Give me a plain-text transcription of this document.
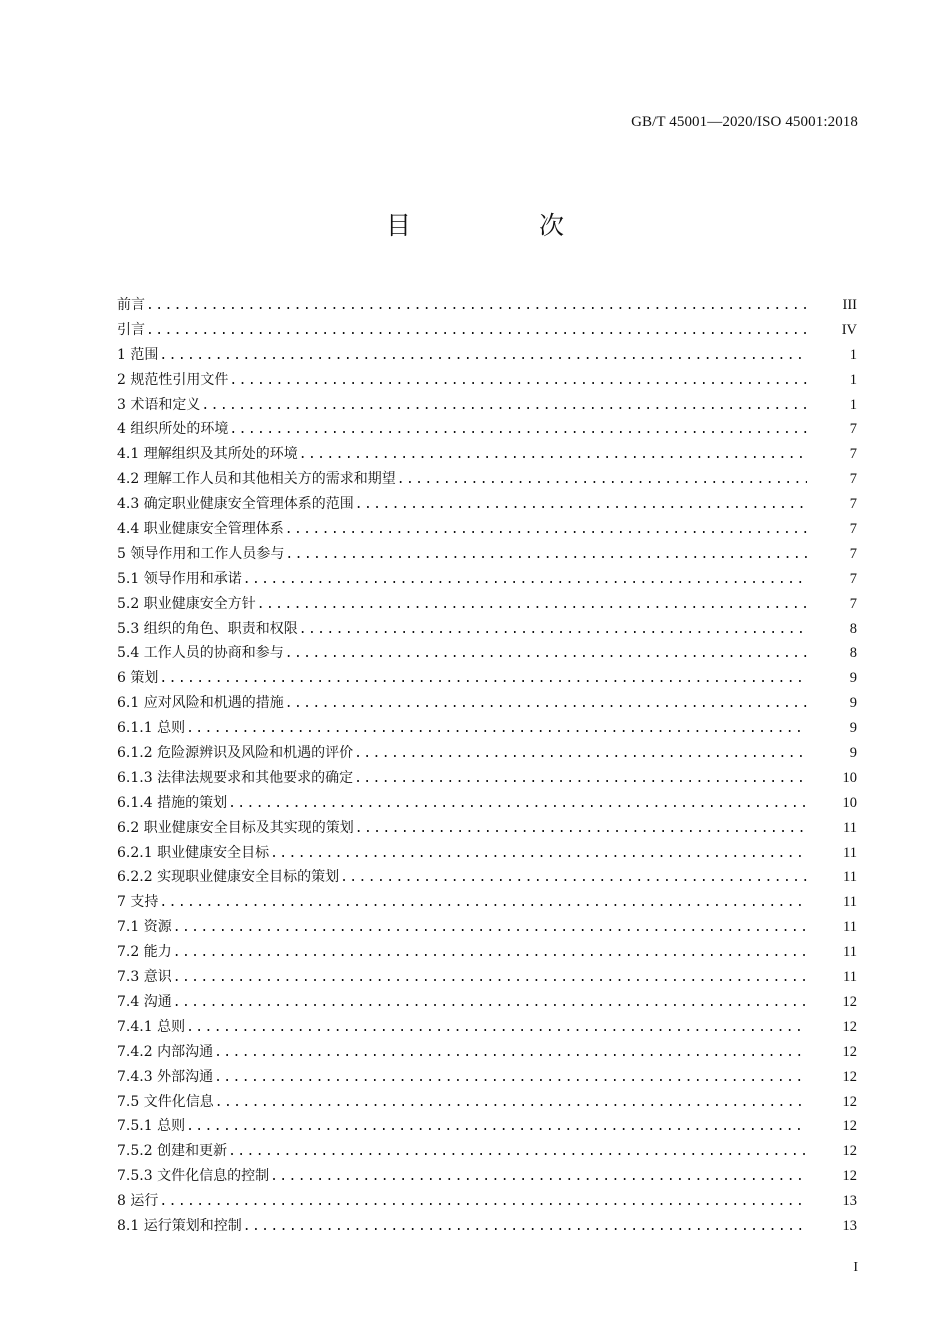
GB/T 45001—2020/ISO 45001:2018
目 次
前言 .....	III
引言 .....	IV
1 范围 .....	1
2 规范性引用文件 .....	1
3 术语和定义 .....	1
4 组织所处的环境 .....	7
4.1 理解组织及其所处的环境 .....	7
4.2 理解工作人员和其他相关方的需求和期望 .....	7
4.3 确定职业健康安全管理体系的范围 .....	7
4.4 职业健康安全管理体系 .....	7
5 领导作用和工作人员参与 .....	7
5.1 领导作用和承诺 .....	7
5.2 职业健康安全方针 .....	7
5.3 组织的角色、职责和权限 .....	8
5.4 工作人员的协商和参与 .....	8
6 策划 .....	9
6.1 应对风险和机遇的措施 .....	9
6.1.1 总则 .....	9
6.1.2 危险源辨识及风险和机遇的评价 .....	9
6.1.3 法律法规要求和其他要求的确定 .....	10
6.1.4 措施的策划 .....	10
6.2 职业健康安全目标及其实现的策划 .....	11
6.2.1 职业健康安全目标 .....	11
6.2.2 实现职业健康安全目标的策划 .....	11
7 支持 .....	11
7.1 资源 .....	11
7.2 能力 .....	11
7.3 意识 .....	11
7.4 沟通 .....	12
7.4.1 总则 .....	12
7.4.2 内部沟通 .....	12
7.4.3 外部沟通 .....	12
7.5 文件化信息 .....	12
7.5.1 总则 .....	12
7.5.2 创建和更新 .....	12
7.5.3 文件化信息的控制 .....	12
8 运行 .....	13
8.1 运行策划和控制 .....	13
I
